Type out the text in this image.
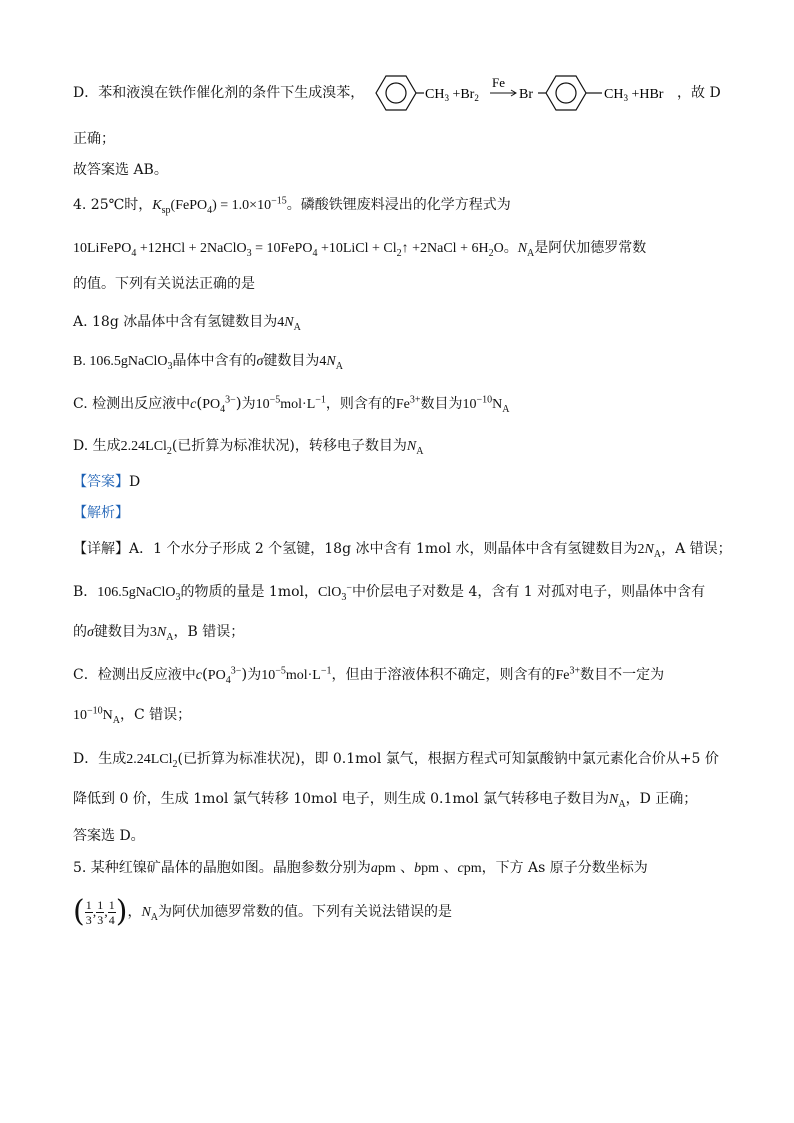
D．苯和液溴在铁作催化剂的条件下生成溴苯，	$CH_3 +Br_2$
Fe
Br	$CH_3 +HBr$ ，故 D
正确；
故答案选 AB。
4. 25℃时，$K_{sp}(FePO_4) = 1.0\times 10^{-15}$。磷酸铁锂废料浸出的化学方程式为
10LiFePO$_4$ +12HCl + 2NaClO$_3$ = 10FePO$_4$ +10LiCl + $Cl_2↑$ +2NaCl + $6H_2O$。$N_A$是阿伏加德罗常数
的值。下列有关说法正确的是
A. 18g 冰晶体中含有氢键数目为$4N_A$
B. 106.5gNaClO$_3$晶体中含有的σ键数目为$4N_A$
C. 检测出反应液中$c(PO_4^{3-})$为$10^{-5}mol\cdot L^{-1}$，则含有的$Fe^{3+}$数目为$10^{-10}N_A$
D. 生成2.24LCl$_2$(已折算为标准状况)，转移电子数目为$N_A$
【答案】D
【解析】
【详解】A．1 个水分子形成 2 个氢键，18g 冰中含有 1mol 水，则晶体中含有氢键数目为$2N_A$，A 错误；
B．106.5gNaClO$_3$的物质的量是 1mol，ClO$_3$−中价层电子对数是 4，含有 1 对孤对电子，则晶体中含有
的σ键数目为$3N_A$，B 错误；
C．检测出反应液中$c(PO_4^{3-})$为$10^{-5}mol\cdot L^{-1}$，但由于溶液体积不确定，则含有的$Fe^{3+}$数目不一定为
$10^{-10}N_A$，C 错误；
D．生成2.24LCl$_2$(已折算为标准状况)，即 0.1mol 氯气，根据方程式可知氯酸钠中氯元素化合价从+5 价
降低到 0 价，生成 1mol 氯气转移 10mol 电子，则生成 0.1mol 氯气转移电子数目为$N_A$，D 正确；
答案选 D。
5. 某种红镍矿晶体的晶胞如图。晶胞参数分别为apm 、bpm 、cpm，下方 As 原子分数坐标为
( $\frac{1}{3}$ , $\frac{1}{3}$ , $\frac{1}{4}$ )，$N_A$为阿伏加德罗常数的值。下列有关说法错误的是
